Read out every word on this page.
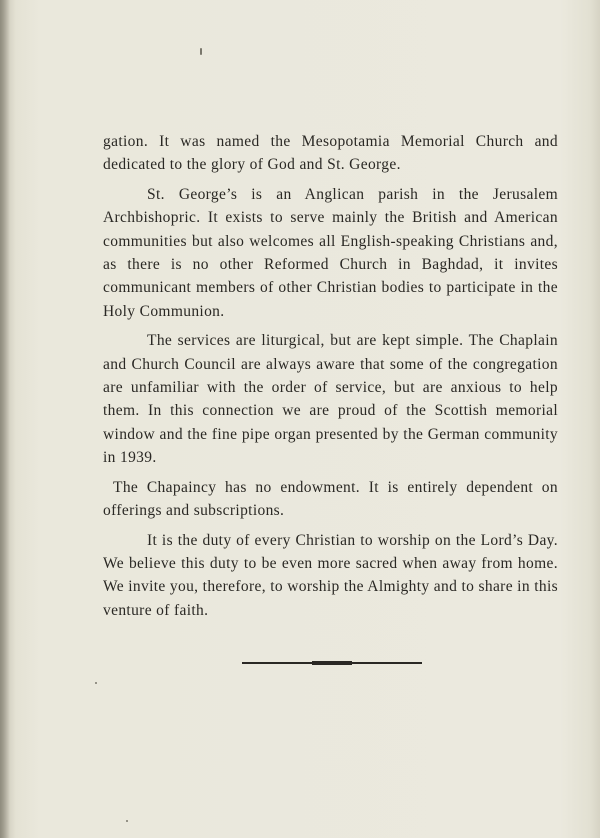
gation. It was named the Mesopotamia Memorial Church and dedicated to the glory of God and St. George.

St. George’s is an Anglican parish in the Jerusalem Archbishopric. It exists to serve mainly the British and American communities but also welcomes all English-speaking Christians and, as there is no other Reformed Church in Baghdad, it invites communicant members of other Christian bodies to participate in the Holy Communion.

The services are liturgical, but are kept simple. The Chaplain and Church Council are always aware that some of the congregation are unfamiliar with the order of service, but are anxious to help them. In this connection we are proud of the Scottish memorial window and the fine pipe organ presented by the German community in 1939.

The Chapaincy has no endowment. It is entirely dependent on offerings and subscriptions.

It is the duty of every Christian to worship on the Lord’s Day. We believe this duty to be even more sacred when away from home. We invite you, therefore, to worship the Almighty and to share in this venture of faith.
